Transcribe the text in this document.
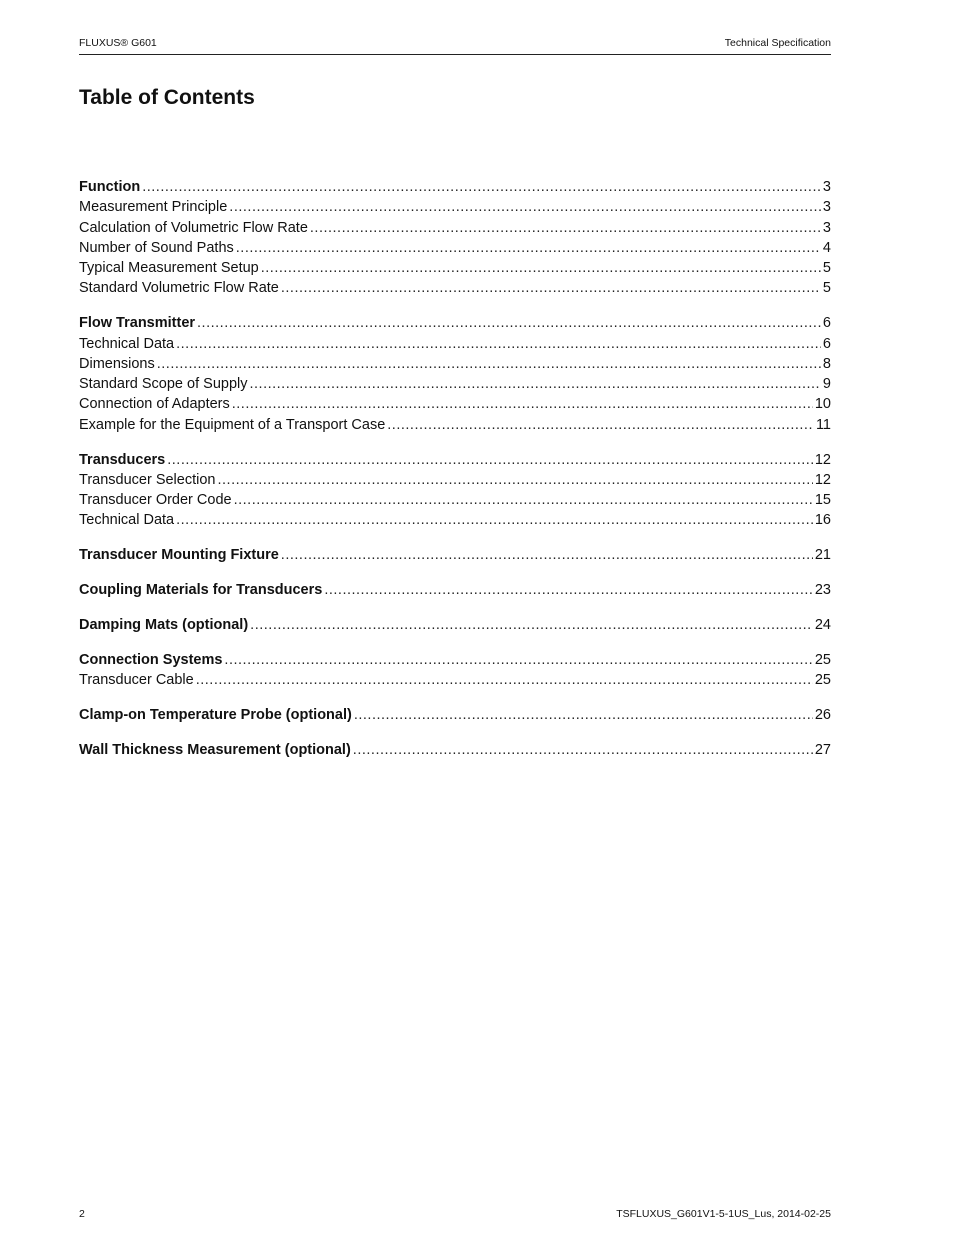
FLUXUS® G601	Technical Specification
Table of Contents
Function .....	3
Measurement Principle .....	3
Calculation of Volumetric Flow Rate .....	3
Number of Sound Paths .....	4
Typical Measurement Setup .....	5
Standard Volumetric Flow Rate .....	5
Flow Transmitter .....	6
Technical Data .....	6
Dimensions .....	8
Standard Scope of Supply .....	9
Connection of Adapters .....	10
Example for the Equipment of a Transport Case .....	11
Transducers .....	12
Transducer Selection .....	12
Transducer Order Code .....	15
Technical Data .....	16
Transducer Mounting Fixture .....	21
Coupling Materials for Transducers .....	23
Damping Mats (optional) .....	24
Connection Systems .....	25
Transducer Cable .....	25
Clamp-on Temperature Probe (optional) .....	26
Wall Thickness Measurement (optional) .....	27
2	TSFLUXUS_G601V1-5-1US_Lus, 2014-02-25
